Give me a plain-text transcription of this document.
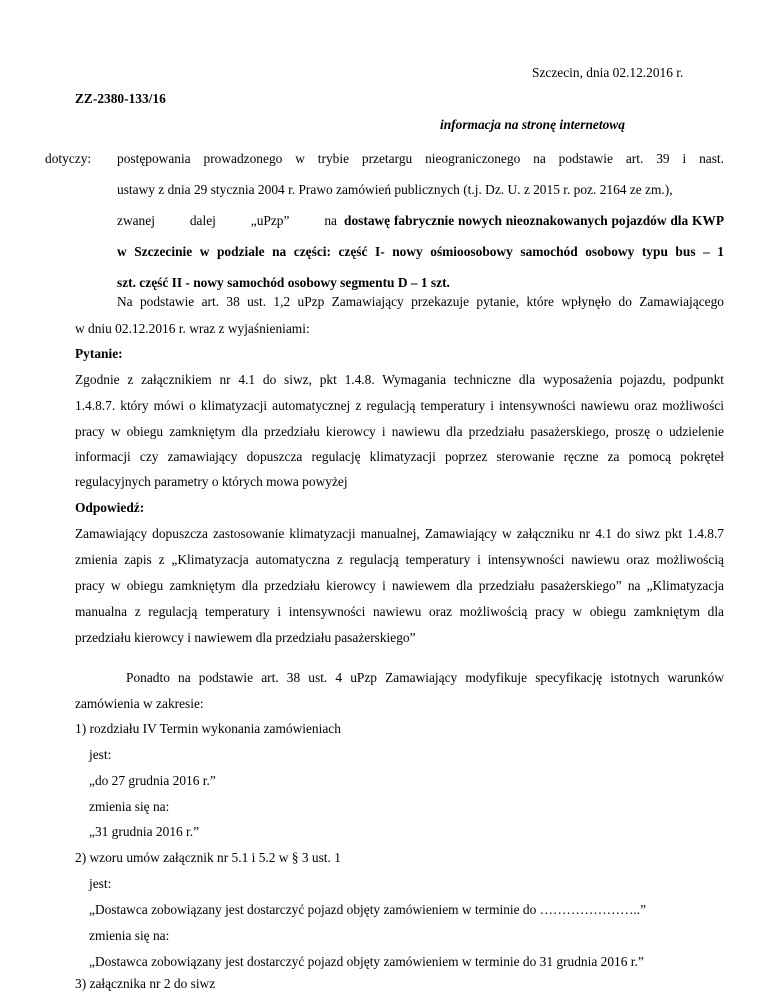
Szczecin, dnia 02.12.2016 r.
ZZ-2380-133/16
informacja na stronę internetową
dotyczy: postępowania prowadzonego w trybie przetargu nieograniczonego na podstawie art. 39 i nast.
ustawy z dnia 29 stycznia 2004 r. Prawo zamówień publicznych (t.j. Dz. U. z 2015 r. poz. 2164 ze zm.),
zwanej dalej „uPzp” na dostawę fabrycznie nowych nieoznakowanych pojazdów dla KWP
w Szczecinie w podziale na części: część I- nowy ośmioosobowy samochód osobowy typu bus – 1
szt. część II - nowy samochód osobowy segmentu D – 1 szt.
Na podstawie art. 38 ust. 1,2 uPzp Zamawiający przekazuje pytanie, które wpłynęło do Zamawiającego
w dniu 02.12.2016 r. wraz z wyjaśnieniami:
Pytanie:
Zgodnie z załącznikiem nr 4.1 do siwz, pkt 1.4.8. Wymagania techniczne dla wyposażenia pojazdu, podpunkt
1.4.8.7. który mówi o klimatyzacji automatycznej z regulacją temperatury i intensywności nawiewu oraz możliwości
pracy w obiegu zamkniętym dla przedziału kierowcy i nawiewu dla przedziału pasażerskiego, proszę o udzielenie
informacji czy zamawiający dopuszcza regulację klimatyzacji poprzez sterowanie ręczne za pomocą pokręteł
regulacyjnych parametry o których mowa powyżej
Odpowiedź:
Zamawiający dopuszcza zastosowanie klimatyzacji manualnej, Zamawiający w załączniku nr 4.1 do siwz pkt 1.4.8.7
zmienia zapis z „Klimatyzacja automatyczna z regulacją temperatury i intensywności nawiewu oraz możliwością
pracy w obiegu zamkniętym dla przedziału kierowcy i nawiewem dla przedziału pasażerskiego” na „Klimatyzacja
manualna z regulacją temperatury i intensywności nawiewu oraz możliwością pracy w obiegu zamkniętym dla
przedziału kierowcy i nawiewem dla przedziału pasażerskiego”
Ponadto na podstawie art. 38 ust. 4 uPzp Zamawiający modyfikuje specyfikację istotnych warunków
zamówienia w zakresie:
1) rozdziału IV Termin wykonania zamówieniach
jest:
„do 27 grudnia 2016 r.”
zmienia się na:
„31 grudnia 2016 r.”
2) wzoru umów załącznik nr 5.1 i 5.2 w § 3 ust. 1
jest:
„Dostawca zobowiązany jest dostarczyć pojazd objęty zamówieniem w terminie do …………………..”
zmienia się na:
„Dostawca zobowiązany jest dostarczyć pojazd objęty zamówieniem w terminie do 31 grudnia 2016 r.”
3) załącznika nr 2 do siwz
